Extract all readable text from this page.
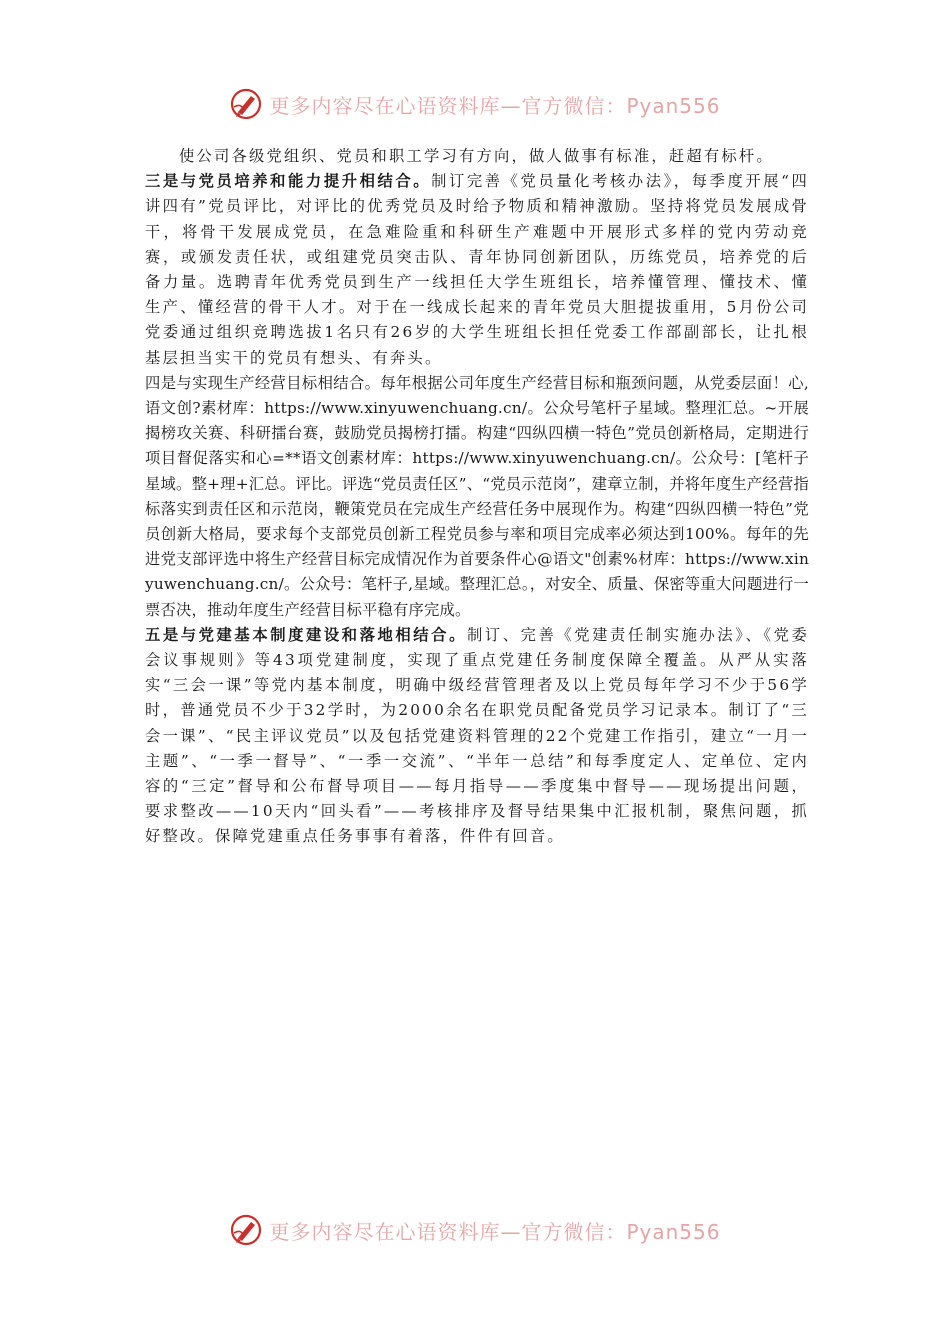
更多内容尽在心语资料库—官方微信：Pyan556

使公司各级党组织、党员和职工学习有方向，做人做事有标准，赶超有标杆。

三是与党员培养和能力提升相结合。制订完善《党员量化考核办法》，每季度开展“四讲四有”党员评比，对评比的优秀党员及时给予物质和精神激励。坚持将党员发展成骨干，将骨干发展成党员，在急难险重和科研生产难题中开展形式多样的党内劳动竞赛，或颁发责任状，或组建党员突击队、青年协同创新团队，历练党员，培养党的后备力量。选聘青年优秀党员到生产一线担任大学生班组长，培养懂管理、懂技术、懂生产、懂经营的骨干人才。对于在一线成长起来的青年党员大胆提拔重用，5月份公司党委通过组织竞聘选拔1名只有26岁的大学生班组长担任党委工作部副部长，让扎根基层担当实干的党员有想头、有奔头。

四是与实现生产经营目标相结合。每年根据公司年度生产经营目标和瓶颈问题，从党委层面！心,语文创?素材库：https://www.xinyuwenchuang.cn/。公众号笔杆子星域。整理汇总。~开展揭榜攻关赛、科研擂台赛，鼓励党员揭榜打擂。构建“四纵四横一特色”党员创新格局，定期进行项目督促落实和心=**语文创素材库：https://www.xinyuwenchuang.cn/。公众号：[笔杆子星域。整+理+汇总。评比。评选“党员责任区”、“党员示范岗”，建章立制，并将年度生产经营指标落实到责任区和示范岗，鞭策党员在完成生产经营任务中展现作为。构建“四纵四横一特色”党员创新大格局，要求每个支部党员创新工程党员参与率和项目完成率必须达到100%。每年的先进党支部评选中将生产经营目标完成情况作为首要条件心@语文"创素%材库：https://www.xinyuwenchuang.cn/。公众号：笔杆子,星域。整理汇总。，对安全、质量、保密等重大问题进行一票否决，推动年度生产经营目标平稳有序完成。

五是与党建基本制度建设和落地相结合。制订、完善《党建责任制实施办法》、《党委会议事规则》等43项党建制度，实现了重点党建任务制度保障全覆盖。从严从实落实“三会一课”等党内基本制度，明确中级经营管理者及以上党员每年学习不少于56学时，普通党员不少于32学时，为2000余名在职党员配备党员学习记录本。制订了“三会一课”、“民主评议党员”以及包括党建资料管理的22个党建工作指引，建立“一月一主题”、“一季一督导”、“一季一交流”、“半年一总结”和每季度定人、定单位、定内容的“三定”督导和公布督导项目——每月指导——季度集中督导——现场提出问题，要求整改——10天内“回头看”——考核排序及督导结果集中汇报机制，聚焦问题，抓好整改。保障党建重点任务事事有着落，件件有回音。

更多内容尽在心语资料库—官方微信：Pyan556
